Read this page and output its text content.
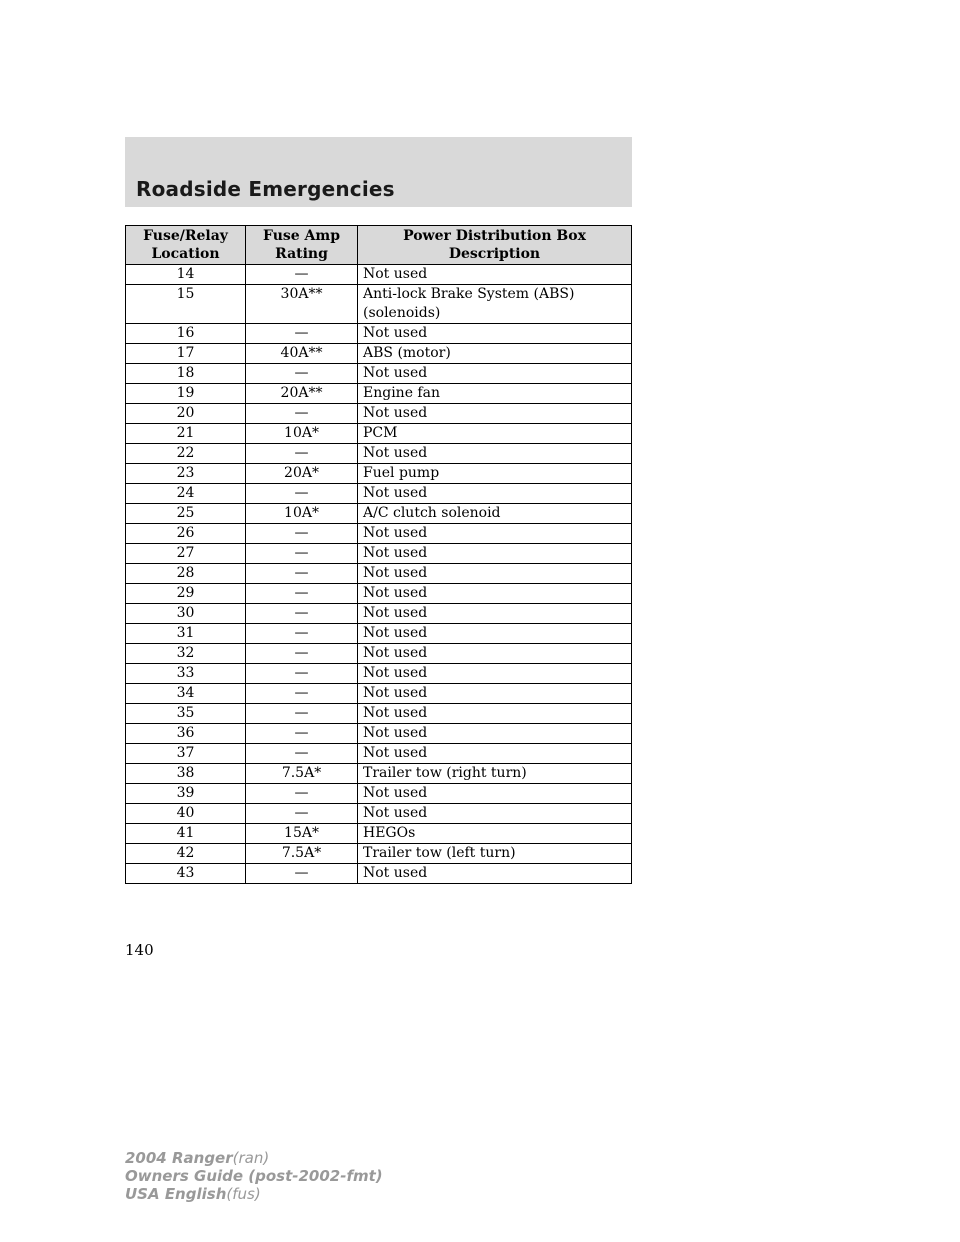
Roadside Emergencies
Fuse/Relay Location	Fuse Amp Rating	Power Distribution Box Description
14	—	Not used
15	30A**	Anti-lock Brake System (ABS) (solenoids)
16	—	Not used
17	40A**	ABS (motor)
18	—	Not used
19	20A**	Engine fan
20	—	Not used
21	10A*	PCM
22	—	Not used
23	20A*	Fuel pump
24	—	Not used
25	10A*	A/C clutch solenoid
26	—	Not used
27	—	Not used
28	—	Not used
29	—	Not used
30	—	Not used
31	—	Not used
32	—	Not used
33	—	Not used
34	—	Not used
35	—	Not used
36	—	Not used
37	—	Not used
38	7.5A*	Trailer tow (right turn)
39	—	Not used
40	—	Not used
41	15A*	HEGOs
42	7.5A*	Trailer tow (left turn)
43	—	Not used
140
2004 Ranger(ran)
Owners Guide (post-2002-fmt)
USA English(fus)
